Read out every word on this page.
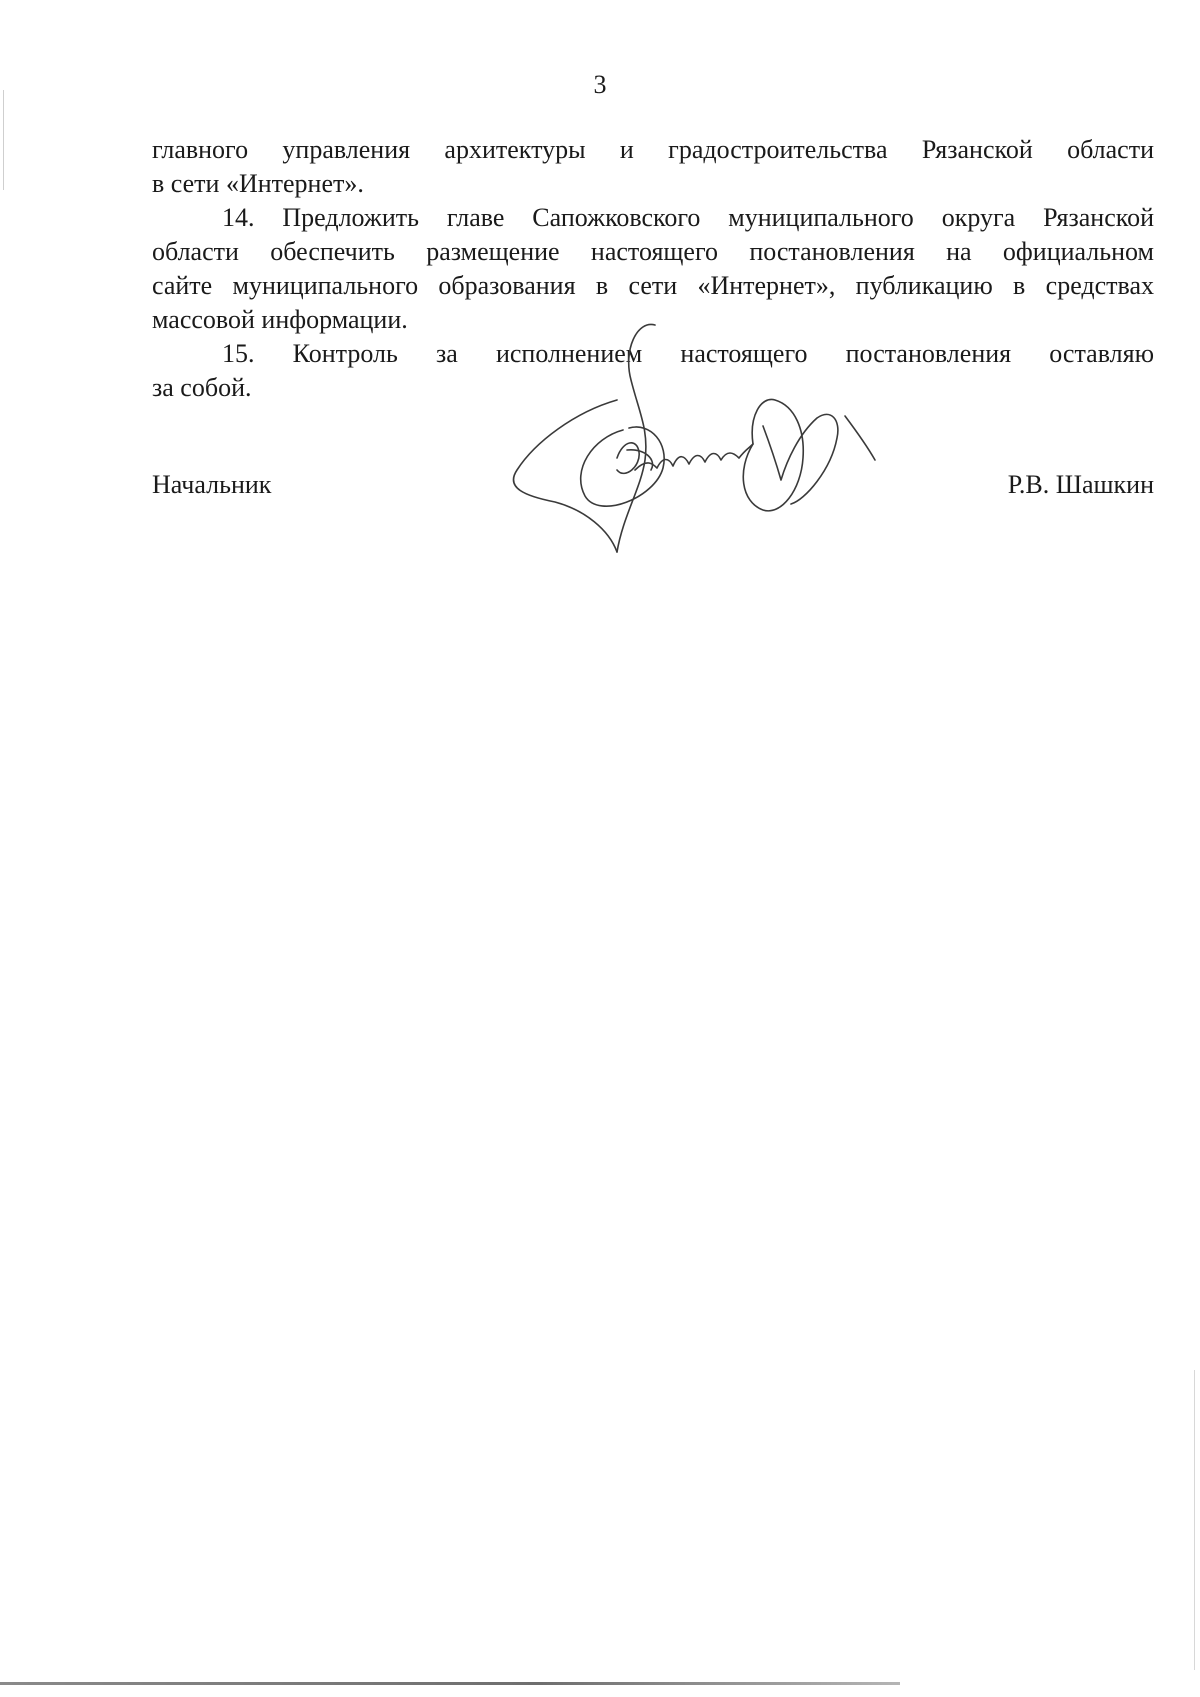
3

главного управления архитектуры и градостроительства Рязанской области
в сети «Интернет».

14. Предложить главе Сапожковского муниципального округа Рязанской
области обеспечить размещение настоящего постановления на официальном
сайте муниципального образования в сети «Интернет», публикацию в средствах
массовой информации.

15. Контроль за исполнением настоящего постановления оставляю
за собой.

Начальник	Р.В. Шашкин
